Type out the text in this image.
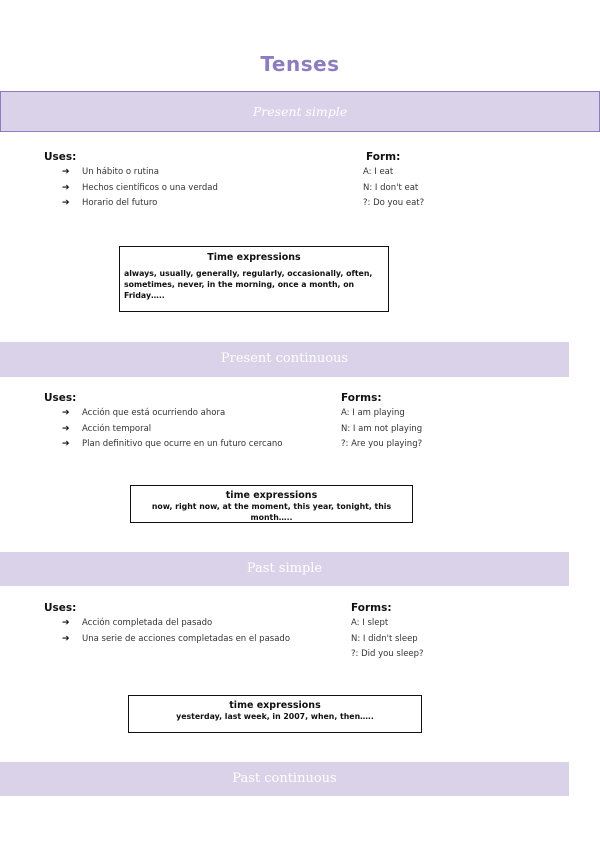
Tenses
Present simple
Uses:
➔ Un hábito o rutina
➔ Hechos científicos o una verdad
➔ Horario del futuro
Form:
A: I eat
N: I don't eat
?: Do you eat?
Time expressions
always, usually, generally, regularly, occasionally, often, sometimes, never, in the morning, once a month, on Friday…..
Present continuous
Uses:
➔ Acción que está ocurriendo ahora
➔ Acción temporal
➔ Plan definitivo que ocurre en un futuro cercano
Forms:
A: I am playing
N: I am not playing
?: Are you playing?
time expressions
now, right now, at the moment, this year, tonight, this month…..
Past simple
Uses:
➔ Acción completada del pasado
➔ Una serie de acciones completadas en el pasado
Forms:
A: I slept
N: I didn't sleep
?: Did you sleep?
time expressions
yesterday, last week, in 2007, when, then…..
Past continuous
